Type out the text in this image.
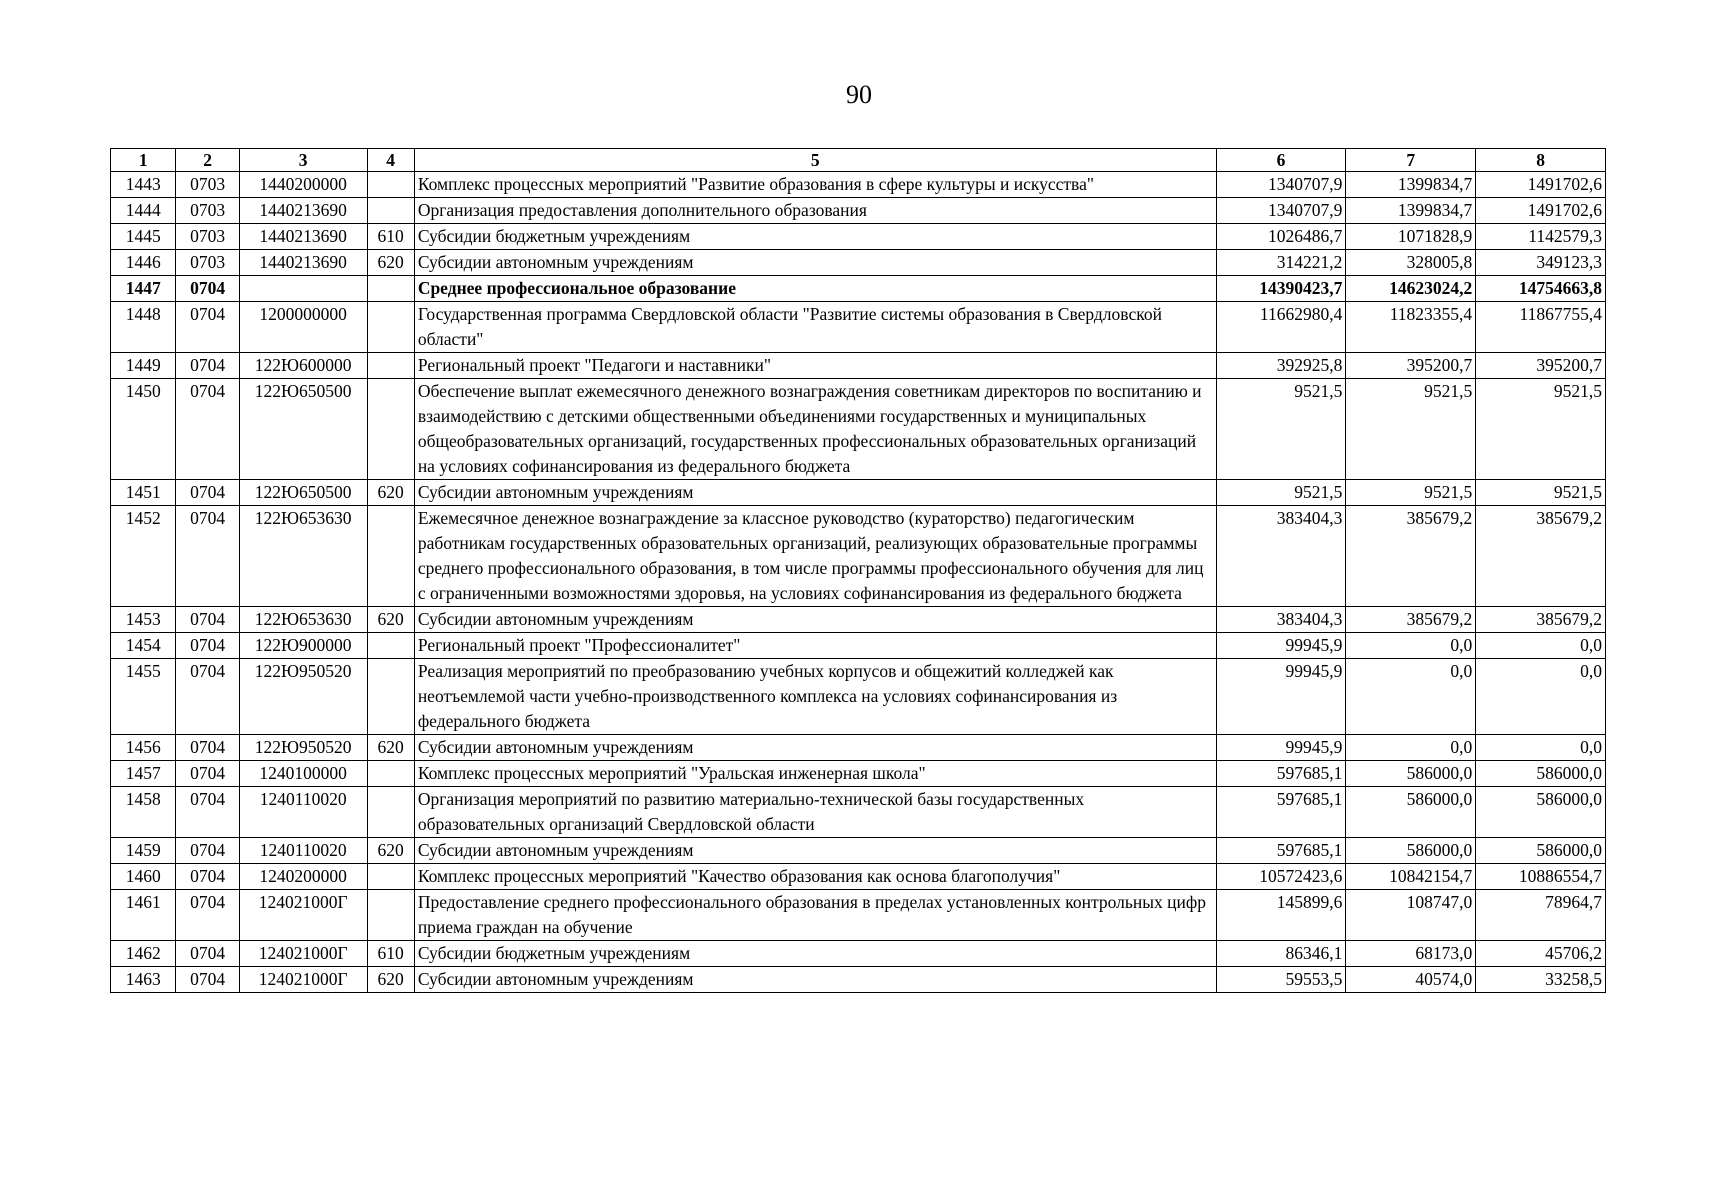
90
1	2	3	4	5	6	7	8
1443	0703	1440200000		Комплекс процессных мероприятий "Развитие образования в сфере культуры и искусства"	1340707,9	1399834,7	1491702,6
1444	0703	1440213690		Организация предоставления дополнительного образования	1340707,9	1399834,7	1491702,6
1445	0703	1440213690	610	Субсидии бюджетным учреждениям	1026486,7	1071828,9	1142579,3
1446	0703	1440213690	620	Субсидии автономным учреждениям	314221,2	328005,8	349123,3
1447	0704			Среднее профессиональное образование	14390423,7	14623024,2	14754663,8
1448	0704	1200000000		Государственная программа Свердловской области "Развитие системы образования в Свердловской области"	11662980,4	11823355,4	11867755,4
1449	0704	122Ю600000		Региональный проект "Педагоги и наставники"	392925,8	395200,7	395200,7
1450	0704	122Ю650500		Обеспечение выплат ежемесячного денежного вознаграждения советникам директоров по воспитанию и взаимодействию с детскими общественными объединениями государственных и муниципальных общеобразовательных организаций, государственных профессиональных образовательных организаций на условиях софинансирования из федерального бюджета	9521,5	9521,5	9521,5
1451	0704	122Ю650500	620	Субсидии автономным учреждениям	9521,5	9521,5	9521,5
1452	0704	122Ю653630		Ежемесячное денежное вознаграждение за классное руководство (кураторство) педагогическим работникам государственных образовательных организаций, реализующих образовательные программы среднего профессионального образования, в том числе программы профессионального обучения для лиц с ограниченными возможностями здоровья, на условиях софинансирования из федерального бюджета	383404,3	385679,2	385679,2
1453	0704	122Ю653630	620	Субсидии автономным учреждениям	383404,3	385679,2	385679,2
1454	0704	122Ю900000		Региональный проект "Профессионалитет"	99945,9	0,0	0,0
1455	0704	122Ю950520		Реализация мероприятий по преобразованию учебных корпусов и общежитий колледжей как неотъемлемой части учебно-производственного комплекса на условиях софинансирования из федерального бюджета	99945,9	0,0	0,0
1456	0704	122Ю950520	620	Субсидии автономным учреждениям	99945,9	0,0	0,0
1457	0704	1240100000		Комплекс процессных мероприятий "Уральская инженерная школа"	597685,1	586000,0	586000,0
1458	0704	1240110020		Организация мероприятий по развитию материально-технической базы государственных образовательных организаций Свердловской области	597685,1	586000,0	586000,0
1459	0704	1240110020	620	Субсидии автономным учреждениям	597685,1	586000,0	586000,0
1460	0704	1240200000		Комплекс процессных мероприятий "Качество образования как основа благополучия"	10572423,6	10842154,7	10886554,7
1461	0704	124021000Г		Предоставление среднего профессионального образования в пределах установленных контрольных цифр приема граждан на обучение	145899,6	108747,0	78964,7
1462	0704	124021000Г	610	Субсидии бюджетным учреждениям	86346,1	68173,0	45706,2
1463	0704	124021000Г	620	Субсидии автономным учреждениям	59553,5	40574,0	33258,5
